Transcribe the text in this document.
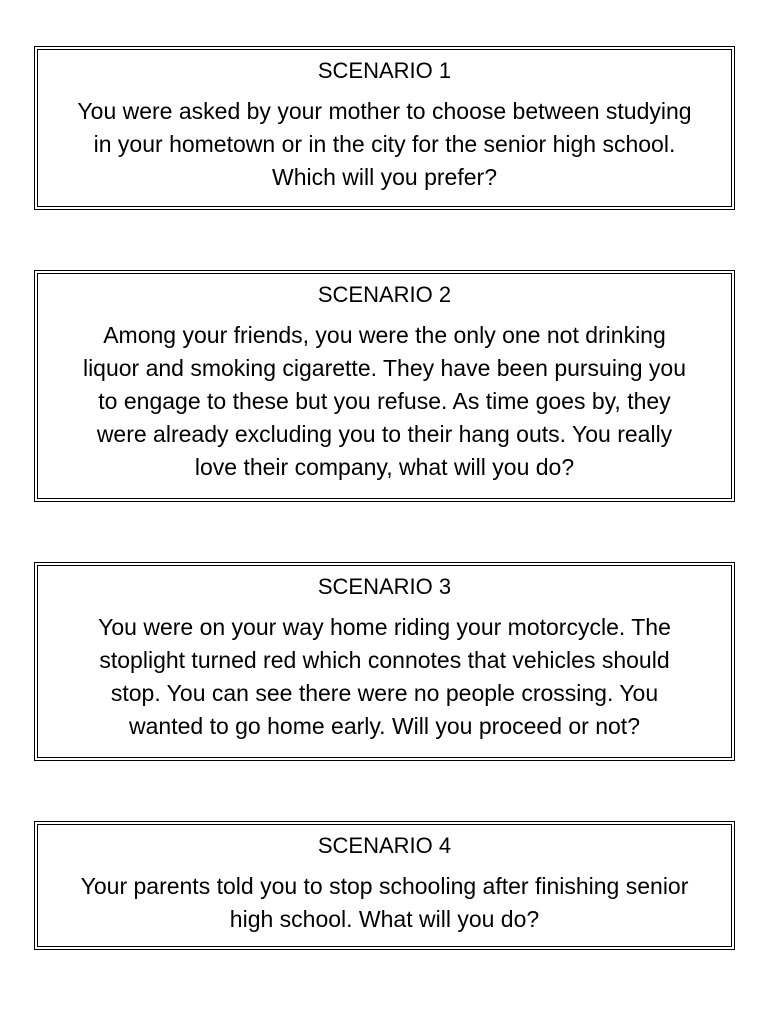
SCENARIO 1

You were asked by your mother to choose between studying
in your hometown or in the city for the senior high school.
Which will you prefer?

SCENARIO 2

Among your friends, you were the only one not drinking
liquor and smoking cigarette. They have been pursuing you
to engage to these but you refuse. As time goes by, they
were already excluding you to their hang outs. You really
love their company, what will you do?

SCENARIO 3

You were on your way home riding your motorcycle. The
stoplight turned red which connotes that vehicles should
stop. You can see there were no people crossing. You
wanted to go home early. Will you proceed or not?

SCENARIO 4

Your parents told you to stop schooling after finishing senior
high school. What will you do?
